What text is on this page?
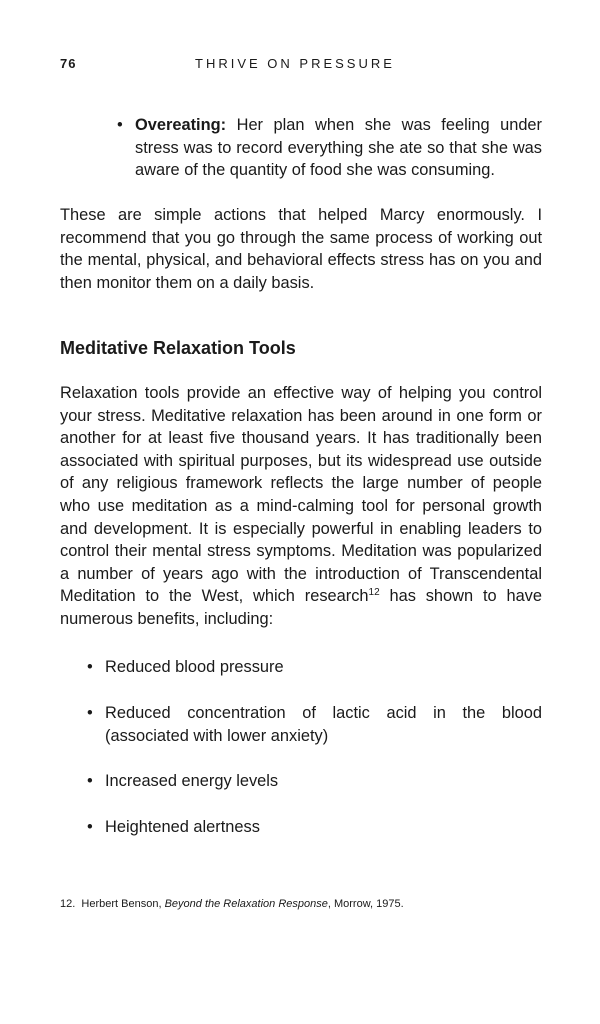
76	THRIVE ON PRESSURE

• Overeating: Her plan when she was feeling under stress was to record everything she ate so that she was aware of the quantity of food she was consuming.

These are simple actions that helped Marcy enormously. I recommend that you go through the same process of working out the mental, physical, and behavioral effects stress has on you and then monitor them on a daily basis.

Meditative Relaxation Tools

Relaxation tools provide an effective way of helping you control your stress. Meditative relaxation has been around in one form or another for at least five thousand years. It has traditionally been associated with spiritual purposes, but its widespread use outside of any religious framework reflects the large number of people who use meditation as a mind-calming tool for personal growth and development. It is especially powerful in enabling leaders to control their mental stress symptoms. Meditation was popularized a number of years ago with the introduction of Transcendental Meditation to the West, which research$^{12}$ has shown to have numerous benefits, including:

• Reduced blood pressure

• Reduced concentration of lactic acid in the blood (associated with lower anxiety)

• Increased energy levels

• Heightened alertness

12. Herbert Benson, Beyond the Relaxation Response, Morrow, 1975.
